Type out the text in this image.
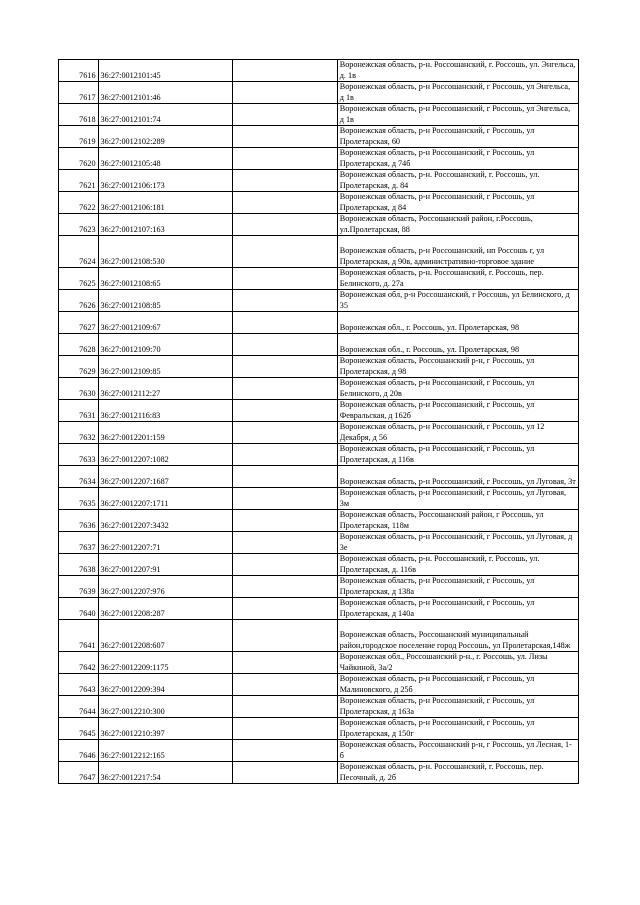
7616	36:27:0012101:45		Воронежская область, р-н. Россошанский, г. Россошь, ул. Энгельса, д. 1в
7617	36:27:0012101:46		Воронежская область, р-н Россошанский, г Россошь, ул Энгельса, д 1в
7618	36:27:0012101:74		Воронежская область, р-н Россошанский, г Россошь, ул Энгельса, д 1в
7619	36:27:0012102:289		Воронежская область, р-н Россошанский, г Россошь, ул Пролетарская, 60
7620	36:27:0012105:48		Воронежская область, р-н Россошанский, г Россошь, ул Пролетарская, д 74б
7621	36:27:0012106:173		Воронежская область, р-н. Россошанский, г. Россошь, ул. Пролетарская, д. 84
7622	36:27:0012106:181		Воронежская область, р-н Россошанский, г Россошь, ул Пролетарская, д 84
7623	36:27:0012107:163		Воронежская область, Россошанский район, г.Россошь, ул.Пролетарская, 88
7624	36:27:0012108:530		Воронежская область, р-н Россошанский, нп Россошь г, ул Пролетарская, д 90в, административно-торговое здание
7625	36:27:0012108:65		Воронежская область, р-н. Россошанский, г. Россошь, пер. Белинского, д. 27а
7626	36:27:0012108:85		Воронежская обл, р-н Россошанский, г Россошь, ул Белинского, д 35
7627	36:27:0012109:67		Воронежская обл., г. Россошь, ул. Пролетарская, 98
7628	36:27:0012109:70		Воронежская обл., г. Россошь, ул. Пролетарская, 98
7629	36:27:0012109:85		Воронежская область, Россошанский р-н, г Россошь, ул Пролетарская, д 98
7630	36:27:0012112:27		Воронежская область, р-н Россошанский, г Россошь, ул Белинского, д 20в
7631	36:27:0012116:83		Воронежская область, р-н Россошанский, г Россошь, ул Февральская, д 162б
7632	36:27:0012201:159		Воронежская область, р-н Россошанский, г Россошь, ул 12 Декабря, д 56
7633	36:27:0012207:1082		Воронежская область, р-н Россошанский, г Россошь, ул Пролетарская, д 116в
7634	36:27:0012207:1687		Воронежская область, р-н Россошанский, г Россошь, ул Луговая, 3т
7635	36:27:0012207:1711		Воронежская область, р-н Россошанский, г Россошь, ул Луговая, 3м
7636	36:27:0012207:3432		Воронежская область, Россошанский район, г Россошь, ул Пролетарская, 118м
7637	36:27:0012207:71		Воронежская область, р-н Россошанский, г Россошь, ул Луговая, д 3е
7638	36:27:0012207:91		Воронежская область, р-н. Россошанский, г. Россошь, ул. Пролетарская, д. 116в
7639	36:27:0012207:976		Воронежская область, р-н Россошанский, г Россошь, ул Пролетарская, д 138а
7640	36:27:0012208:287		Воронежская область, р-н Россошанский, г Россошь, ул Пролетарская, д 140а
7641	36:27:0012208:607		Воронежская область, Россошанский муниципальный район,городское поселение город Россошь, ул Пролетарская,148ж
7642	36:27:0012209:1175		Воронежская обл., Россошанский р-н., г. Россошь, ул. Лизы Чайкиной, 3а/2
7643	36:27:0012209:394		Воронежская область, р-н Россошанский, г Россошь, ул Малиновского, д 25б
7644	36:27:0012210:300		Воронежская область, р-н Россошанский, г Россошь, ул Пролетарская, д 163а
7645	36:27:0012210:397		Воронежская область, р-н Россошанский, г Россошь, ул Пролетарская, д 150г
7646	36:27:0012212:165		Воронежская область, Россошанский р-н, г Россошь, ул Лесная, 1-б
7647	36:27:0012217:54		Воронежская область, р-н. Россошанский, г. Россошь, пер. Песочный, д. 2б
